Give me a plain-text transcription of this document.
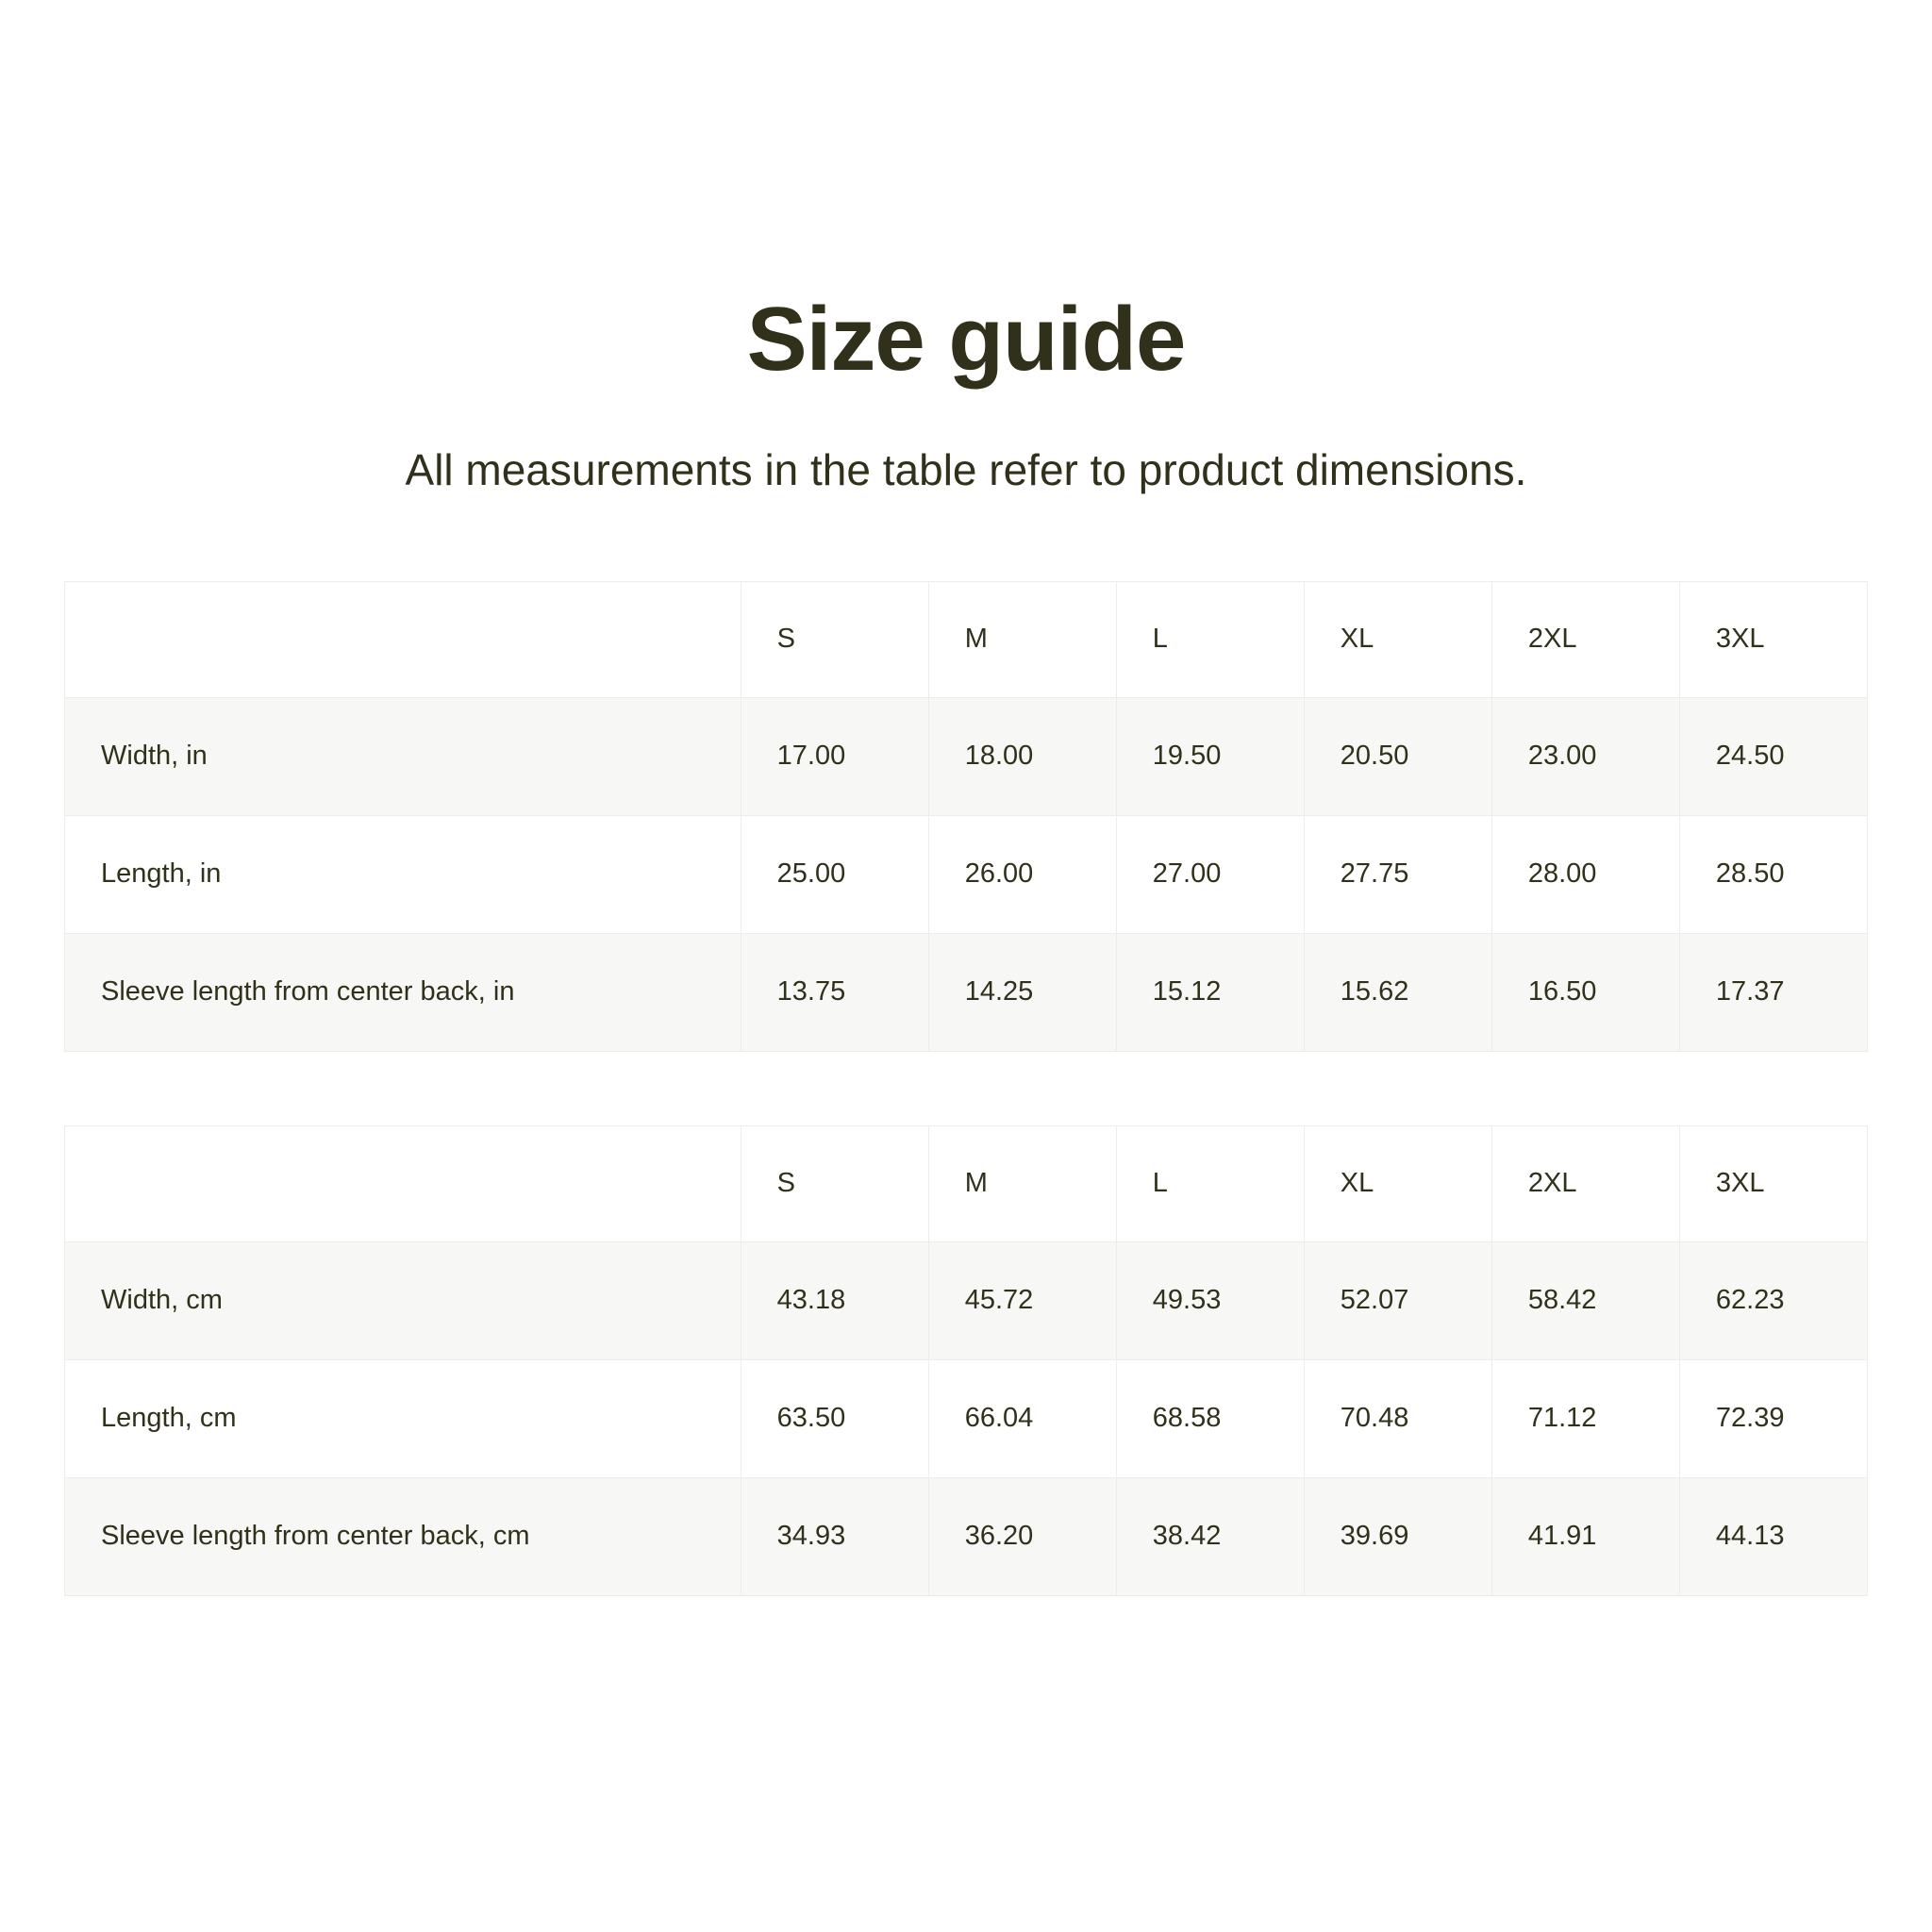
Size guide

All measurements in the table refer to product dimensions.

	S	M	L	XL	2XL	3XL
Width, in	17.00	18.00	19.50	20.50	23.00	24.50
Length, in	25.00	26.00	27.00	27.75	28.00	28.50
Sleeve length from center back, in	13.75	14.25	15.12	15.62	16.50	17.37
	S	M	L	XL	2XL	3XL
Width, cm	43.18	45.72	49.53	52.07	58.42	62.23
Length, cm	63.50	66.04	68.58	70.48	71.12	72.39
Sleeve length from center back, cm	34.93	36.20	38.42	39.69	41.91	44.13
